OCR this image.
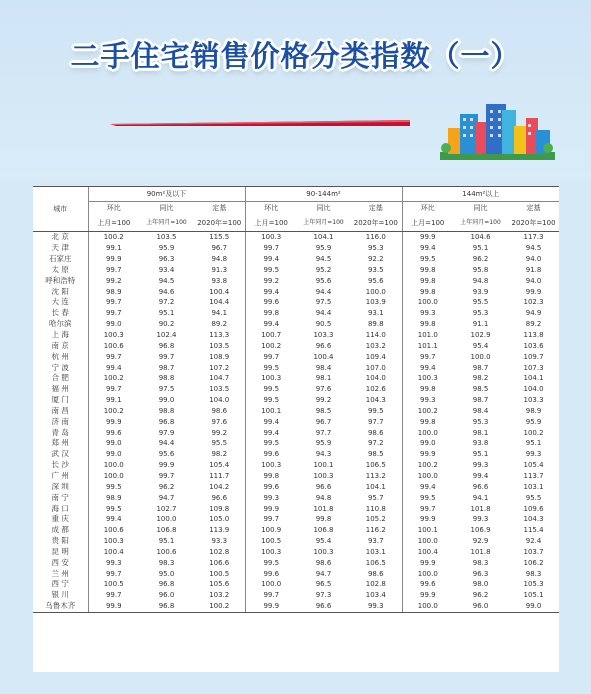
二手住宅销售价格分类指数（一）
城市	90m²及以下			90-144m²			144m²以上		
	环比	同比	定基	环比	同比	定基	环比	同比	定基
	上月=100	上年同月=100	2020年=100	上月=100	上年同月=100	2020年=100	上月=100	上年同月=100	2020年=100
北 京	100.2	103.5	115.5	100.3	104.1	116.0	99.9	104.6	117.3
天 津	99.1	95.9	96.7	99.7	95.9	95.3	99.4	95.1	94.5
石家庄	99.9	96.3	94.8	99.4	94.5	92.2	99.5	96.2	94.0
太 原	99.7	93.4	91.3	99.5	95.2	93.5	99.8	95.8	91.8
呼和浩特	99.2	94.5	93.8	99.2	95.6	95.6	99.8	94.8	94.0
沈 阳	98.9	94.6	100.4	99.4	94.4	100.0	99.8	93.9	99.9
大 连	99.7	97.2	104.4	99.6	97.5	103.9	100.0	95.5	102.3
长 春	99.7	95.1	94.1	99.8	94.4	93.1	99.3	95.3	94.9
哈尔滨	99.0	90.2	89.2	99.4	90.5	89.8	99.8	91.1	89.2
上 海	100.3	102.4	113.3	100.7	103.3	114.0	101.0	102.9	113.8
南 京	100.6	96.8	103.5	100.2	96.6	103.2	101.1	95.4	103.6
杭 州	99.7	99.7	108.9	99.7	100.4	109.4	99.7	100.0	109.7
宁 波	99.4	98.7	107.2	99.5	98.4	107.0	99.4	98.7	107.3
合 肥	100.2	98.8	104.7	100.3	98.1	104.0	100.3	98.2	104.1
福 州	99.7	97.5	103.5	99.5	97.6	102.6	99.8	98.5	104.0
厦 门	99.1	99.0	104.0	99.5	99.2	104.3	99.3	98.7	103.3
南 昌	100.2	98.8	98.6	100.1	98.5	99.5	100.2	98.4	98.9
济 南	99.9	96.8	97.6	99.4	96.7	97.7	99.8	95.3	95.9
青 岛	99.6	97.9	99.2	99.4	97.7	98.6	100.0	98.1	100.2
郑 州	99.0	94.4	95.5	99.5	95.9	97.2	99.0	93.8	95.1
武 汉	99.0	95.6	98.2	99.6	94.3	98.5	99.9	95.1	99.3
长 沙	100.0	99.9	105.4	100.3	100.1	106.5	100.2	99.3	105.4
广 州	100.0	99.7	111.7	99.8	100.3	113.2	100.0	99.4	113.7
深 圳	99.5	96.2	104.2	99.6	96.6	104.1	99.4	96.6	103.1
南 宁	98.9	94.7	96.6	99.3	94.8	95.7	99.5	94.1	95.5
海 口	99.5	102.7	109.8	99.9	101.8	110.8	99.7	101.8	109.6
重 庆	99.4	100.0	105.0	99.7	99.8	105.2	99.9	99.3	104.3
成 都	100.6	106.8	113.9	100.9	106.8	116.2	100.1	106.9	115.4
贵 阳	100.3	95.1	93.3	100.5	95.4	93.7	100.0	92.9	92.4
昆 明	100.4	100.6	102.8	100.3	100.3	103.1	100.4	101.8	103.7
西 安	99.3	98.3	106.6	99.5	98.6	106.5	99.9	98.3	106.2
兰 州	99.7	95.0	100.5	99.6	94.7	98.6	100.0	96.3	98.3
西 宁	100.5	96.8	105.6	100.0	96.5	102.8	99.6	98.0	105.3
银 川	99.7	96.0	103.2	99.7	97.3	103.4	99.9	96.2	105.1
乌鲁木齐	99.9	96.8	100.2	99.9	96.6	99.3	100.0	96.0	99.0
